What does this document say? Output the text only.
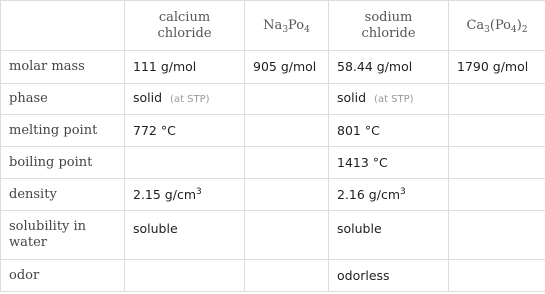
	calcium chloride	$Na_3Po_4$	sodium chloride	$Ca_3(Po_4)_2$
molar mass	111 g/mol	905 g/mol	58.44 g/mol	1790 g/mol
phase	solid (at STP)		solid (at STP)	
melting point	772 °C		801 °C	
boiling point			1413 °C	
density	2.15 $g/cm^3$		2.16 $g/cm^3$	
solubility in water	soluble		soluble	
odor			odorless	
